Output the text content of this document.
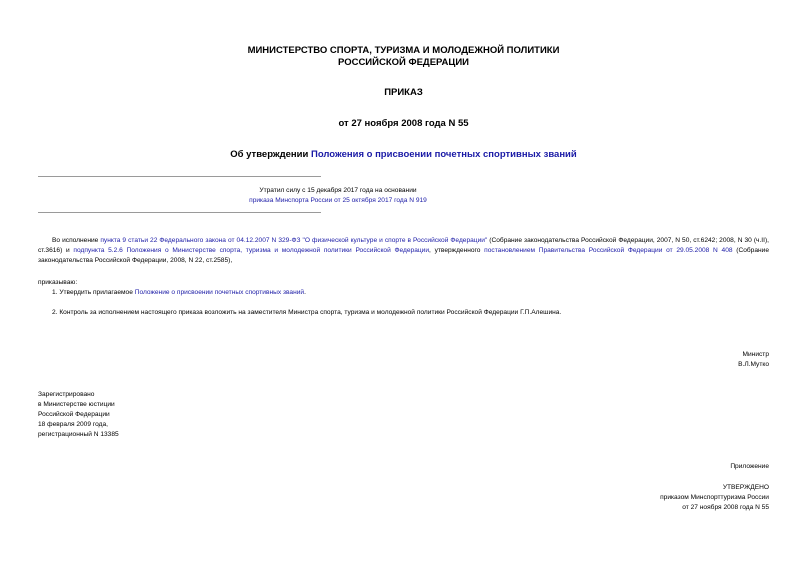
МИНИСТЕРСТВО СПОРТА, ТУРИЗМА И МОЛОДЕЖНОЙ ПОЛИТИКИ
РОССИЙСКОЙ ФЕДЕРАЦИИ
ПРИКАЗ
от 27 ноября 2008 года N 55
Об утверждении Положения о присвоении почетных спортивных званий
Утратил силу с 15 декабря 2017 года на основании
приказа Минспорта России от 25 октября 2017 года N 919
Во исполнение пункта 9 статьи 22 Федерального закона от 04.12.2007 N 329-ФЗ "О физической культуре и спорте в Российской Федерации" (Собрание законодательства Российской Федерации, 2007, N 50, ст.6242; 2008, N 30 (ч.II), ст.3616) и подпункта 5.2.6 Положения о Министерстве спорта, туризма и молодежной политики Российской Федерации, утвержденного постановлением Правительства Российской Федерации от 29.05.2008 N 408 (Собрание законодательства Российской Федерации, 2008, N 22, ст.2585),
приказываю:
1. Утвердить прилагаемое Положение о присвоении почетных спортивных званий.
2. Контроль за исполнением настоящего приказа возложить на заместителя Министра спорта, туризма и молодежной политики Российской Федерации Г.П.Алешина.
Министр
В.Л.Мутко
Зарегистрировано
в Министерстве юстиции
Российской Федерации
18 февраля 2009 года,
регистрационный N 13385
Приложение
УТВЕРЖДЕНО
приказом Минспорттуризма России
от 27 ноября 2008 года N 55
